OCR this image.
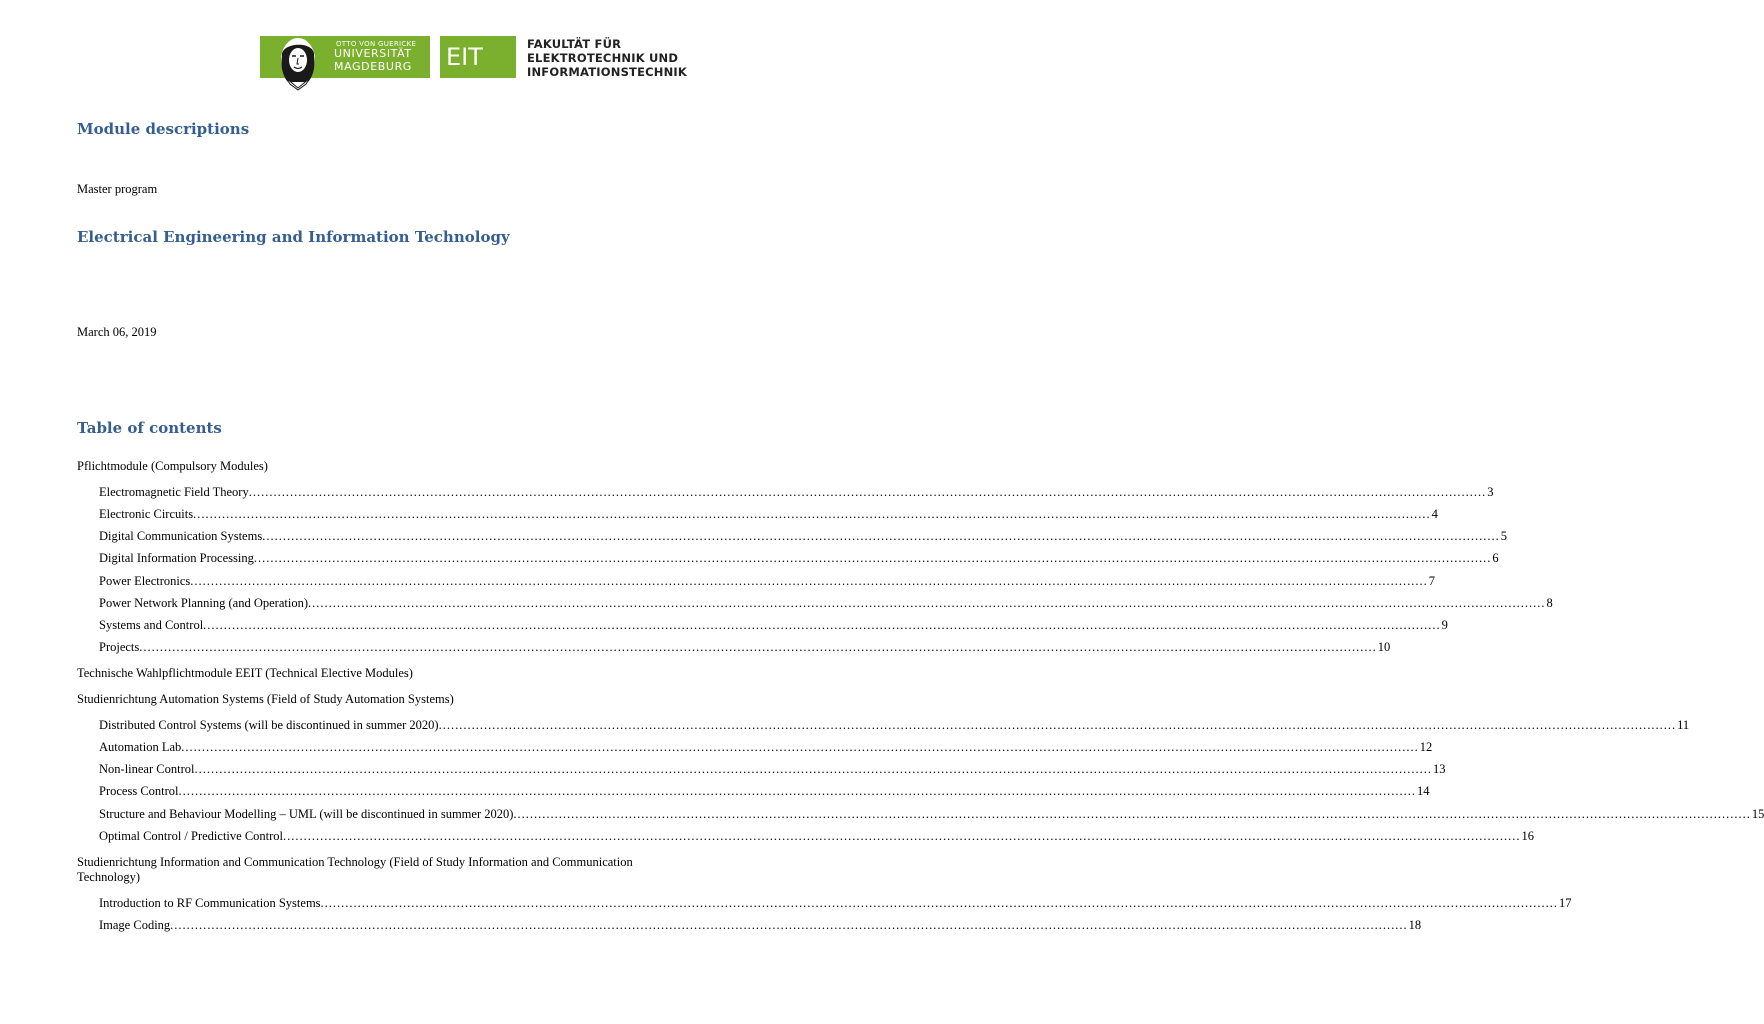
OTTO VON GUERICKE
UNIVERSITÄT
MAGDEBURG EIT	FAKULTÄT FÜR
ELEKTROTECHNIK UND
INFORMATIONSTECHNIK
Module descriptions
Master program
Electrical Engineering and Information Technology
March 06, 2019
Table of contents
Pflichtmodule (Compulsory Modules)
Electromagnetic Field Theory ............................................................................................................................................................................................................................................................................................................ 3
Electronic Circuits ............................................................................................................................................................................................................................................................................................................ 4
Digital Communication Systems ............................................................................................................................................................................................................................................................................................................ 5
Digital Information Processing ............................................................................................................................................................................................................................................................................................................ 6
Power Electronics ............................................................................................................................................................................................................................................................................................................ 7
Power Network Planning (and Operation) ............................................................................................................................................................................................................................................................................................................ 8
Systems and Control ............................................................................................................................................................................................................................................................................................................ 9
Projects ............................................................................................................................................................................................................................................................................................................ 10
Technische Wahlpflichtmodule EEIT (Technical Elective Modules)
Studienrichtung Automation Systems (Field of Study Automation Systems)
Distributed Control Systems (will be discontinued in summer 2020) ............................................................................................................................................................................................................................................................................................................ 11
Automation Lab ............................................................................................................................................................................................................................................................................................................ 12
Non-linear Control ............................................................................................................................................................................................................................................................................................................ 13
Process Control ............................................................................................................................................................................................................................................................................................................ 14
Structure and Behaviour Modelling – UML (will be discontinued in summer 2020) ............................................................................................................................................................................................................................................................................................................ 15
Optimal Control / Predictive Control ............................................................................................................................................................................................................................................................................................................ 16
Studienrichtung Information and Communication Technology (Field of Study Information and Communication Technology)
Introduction to RF Communication Systems ............................................................................................................................................................................................................................................................................................................ 17
Image Coding ............................................................................................................................................................................................................................................................................................................ 18
